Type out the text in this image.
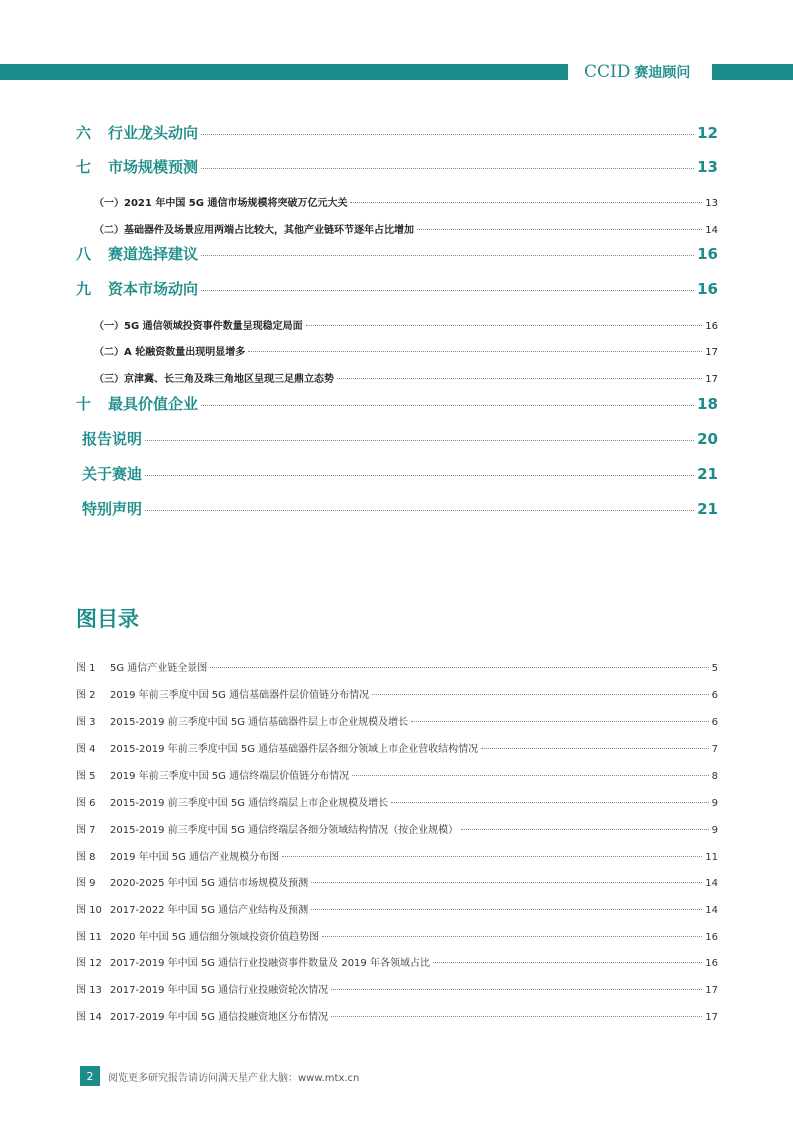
CCID 赛迪顾问
六	行业龙头动向	12
七	市场规模预测	13
（一）2021 年中国 5G 通信市场规模将突破万亿元大关	13
（二）基础器件及场景应用两端占比较大，其他产业链环节逐年占比增加	14
八	赛道选择建议	16
九	资本市场动向	16
（一）5G 通信领域投资事件数量呈现稳定局面	16
（二）A 轮融资数量出现明显增多	17
（三）京津冀、长三角及珠三角地区呈现三足鼎立态势	17
十	最具价值企业	18
报告说明	20
关于赛迪	21
特别声明	21
图目录
图 1	5G 通信产业链全景图	5
图 2	2019 年前三季度中国 5G 通信基础器件层价值链分布情况	6
图 3	2015-2019 前三季度中国 5G 通信基础器件层上市企业规模及增长	6
图 4	2015-2019 年前三季度中国 5G 通信基础器件层各细分领域上市企业营收结构情况	7
图 5	2019 年前三季度中国 5G 通信终端层价值链分布情况	8
图 6	2015-2019 前三季度中国 5G 通信终端层上市企业规模及增长	9
图 7	2015-2019 前三季度中国 5G 通信终端层各细分领域结构情况（按企业规模）	9
图 8	2019 年中国 5G 通信产业规模分布图	11
图 9	2020-2025 年中国 5G 通信市场规模及预测	14
图 10 2017-2022 年中国 5G 通信产业结构及预测	14
图 11 2020 年中国 5G 通信细分领域投资价值趋势图	16
图 12 2017-2019 年中国 5G 通信行业投融资事件数量及 2019 年各领域占比	16
图 13 2017-2019 年中国 5G 通信行业投融资轮次情况	17
图 14 2017-2019 年中国 5G 通信投融资地区分布情况	17
2	阅览更多研究报告请访问满天星产业大脑：www.mtx.cn
